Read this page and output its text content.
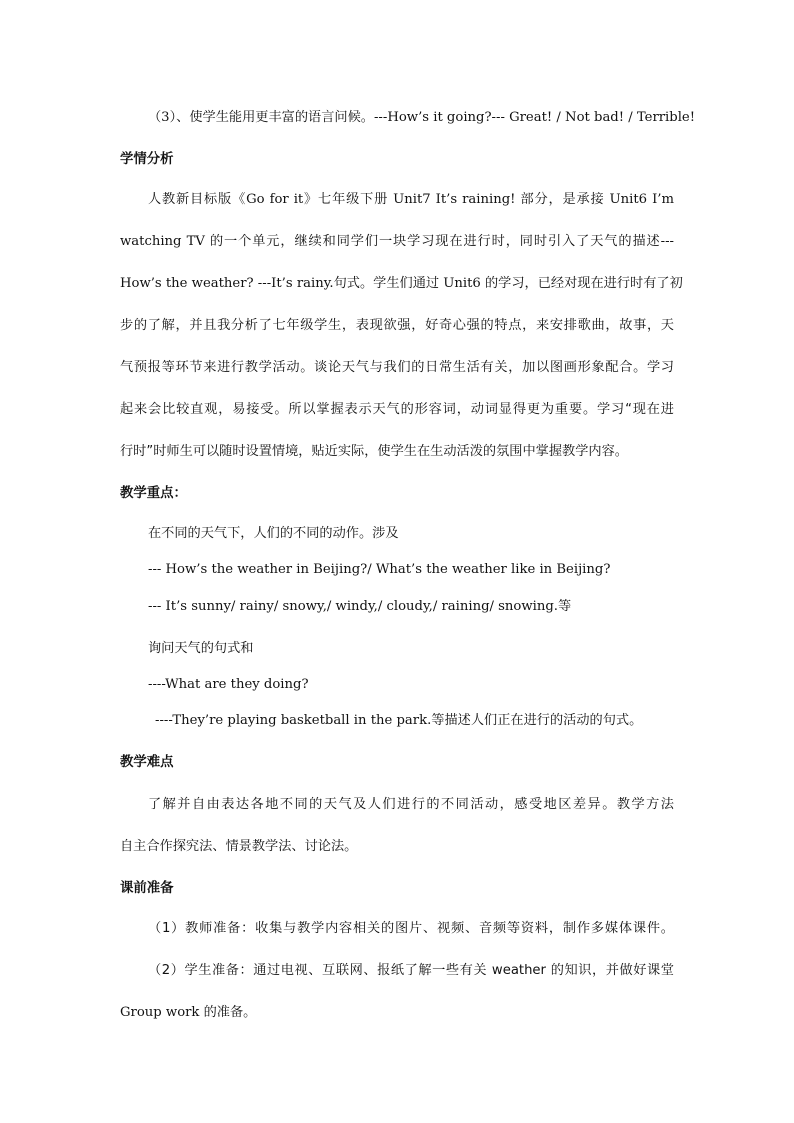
（3）、使学生能用更丰富的语言问候。---How’s it going?--- Great! / Not bad! / Terrible!
学情分析
人教新目标版《Go for it》七年级下册 Unit7 It’s raining! 部分，是承接 Unit6 I’m
watching TV 的一个单元，继续和同学们一块学习现在进行时，同时引入了天气的描述---
How’s the weather? ---It’s rainy.句式。学生们通过 Unit6 的学习，已经对现在进行时有了初
步的了解，并且我分析了七年级学生，表现欲强，好奇心强的特点，来安排歌曲，故事，天
气预报等环节来进行教学活动。谈论天气与我们的日常生活有关，加以图画形象配合。学习
起来会比较直观，易接受。所以掌握表示天气的形容词，动词显得更为重要。学习“现在进
行时”时师生可以随时设置情境，贴近实际，使学生在生动活泼的氛围中掌握教学内容。
教学重点：
在不同的天气下，人们的不同的动作。涉及
--- How’s the weather in Beijing?/ What’s the weather like in Beijing?
--- It’s sunny/ rainy/ snowy,/ windy,/ cloudy,/ raining/ snowing.等
询问天气的句式和
----What are they doing?
----They’re playing basketball in the park.等描述人们正在进行的活动的句式。
教学难点
了解并自由表达各地不同的天气及人们进行的不同活动，感受地区差异。教学方法
自主合作探究法、情景教学法、讨论法。
课前准备
（1）教师准备：收集与教学内容相关的图片、视频、音频等资料，制作多媒体课件。
（2）学生准备：通过电视、互联网、报纸了解一些有关 weather 的知识，并做好课堂
Group work 的准备。
